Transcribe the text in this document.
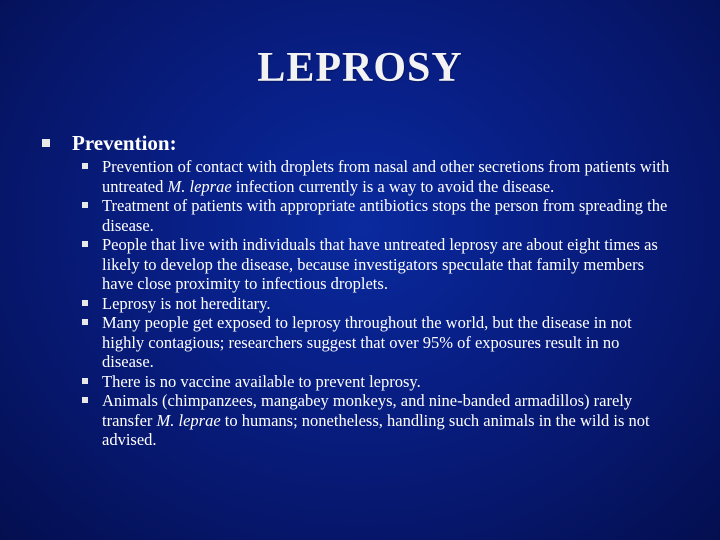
LEPROSY
Prevention:
Prevention of contact with droplets from nasal and other secretions from patients with untreated M. leprae infection currently is a way to avoid the disease.
Treatment of patients with appropriate antibiotics stops the person from spreading the disease.
People that live with individuals that have untreated leprosy are about eight times as likely to develop the disease, because investigators speculate that family members have close proximity to infectious droplets.
Leprosy is not hereditary.
Many people get exposed to leprosy throughout the world, but the disease in not highly contagious; researchers suggest that over 95% of exposures result in no disease.
There is no vaccine available to prevent leprosy.
Animals (chimpanzees, mangabey monkeys, and nine-banded armadillos) rarely transfer M. leprae to humans; nonetheless, handling such animals in the wild is not advised.
